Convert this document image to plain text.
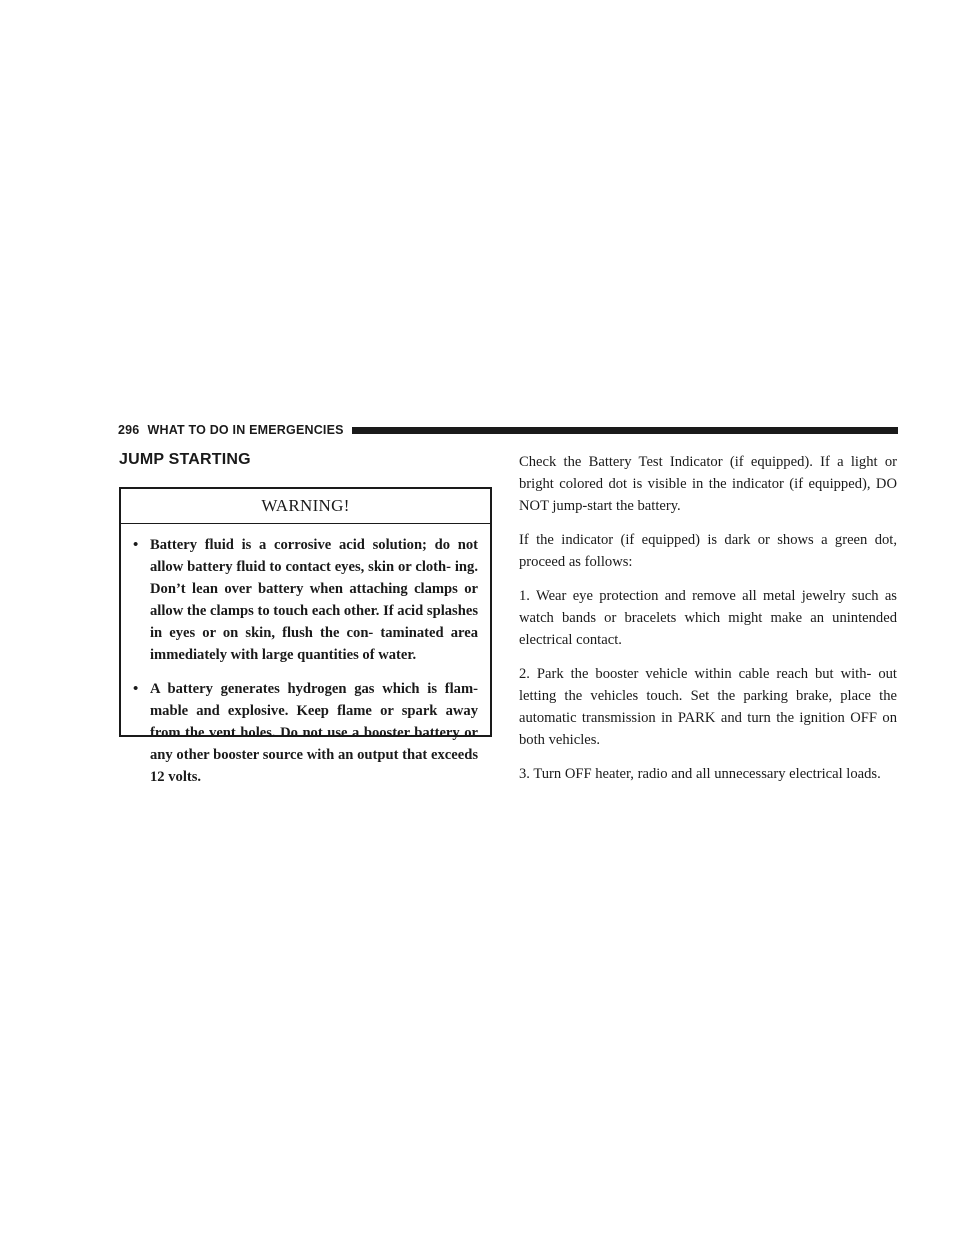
296 WHAT TO DO IN EMERGENCIES
JUMP STARTING
WARNING!
• Battery fluid is a corrosive acid solution; do not allow battery fluid to contact eyes, skin or cloth- ing. Don’t lean over battery when attaching clamps or allow the clamps to touch each other. If acid splashes in eyes or on skin, flush the con- taminated area immediately with large quantities of water.
• A battery generates hydrogen gas which is flam- mable and explosive. Keep flame or spark away from the vent holes. Do not use a booster battery or any other booster source with an output that exceeds 12 volts.

Check the Battery Test Indicator (if equipped). If a light or bright colored dot is visible in the indicator (if equipped), DO NOT jump-start the battery.

If the indicator (if equipped) is dark or shows a green dot, proceed as follows:

1. Wear eye protection and remove all metal jewelry such as watch bands or bracelets which might make an unintended electrical contact.

2. Park the booster vehicle within cable reach but with- out letting the vehicles touch. Set the parking brake, place the automatic transmission in PARK and turn the ignition OFF on both vehicles.

3. Turn OFF heater, radio and all unnecessary electrical loads.
